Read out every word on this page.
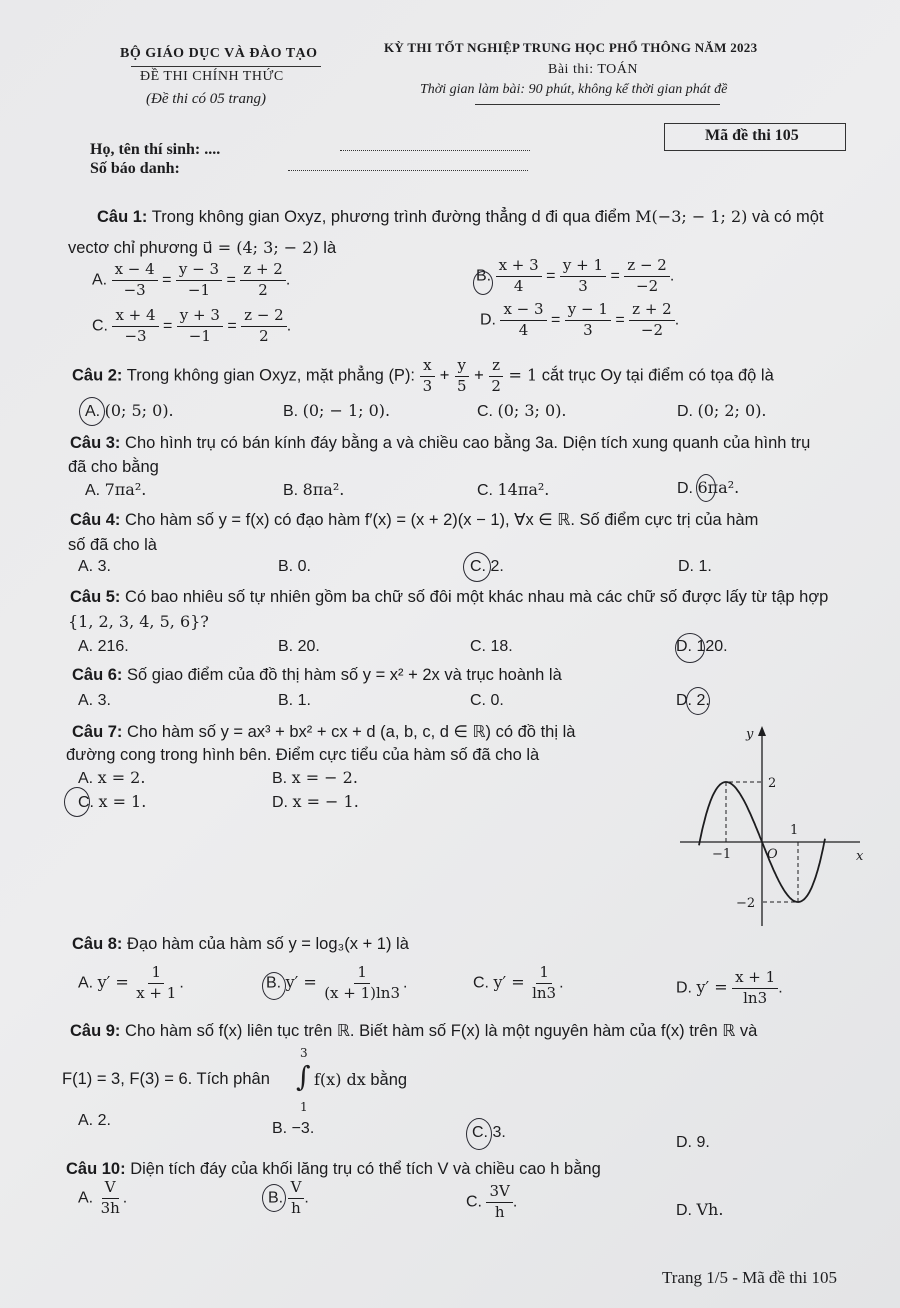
BỘ GIÁO DỤC VÀ ĐÀO TẠO
ĐỀ THI CHÍNH THỨC
(Đề thi có 05 trang)
KỲ THI TỐT NGHIỆP TRUNG HỌC PHỔ THÔNG NĂM 2023
Bài thi: TOÁN
Thời gian làm bài: 90 phút, không kể thời gian phát đề
Họ, tên thí sinh: ....
Số báo danh:
Mã đề thi 105
Câu 1: Trong không gian Oxyz, phương trình đường thẳng d đi qua điểm M(−3; − 1; 2) và có một
vectơ chỉ phương u⃗ = (4; 3; − 2) là
A. $\frac{x - 4}{-3} = \frac{y - 3}{-1} = \frac{z + 2}{2}$ .	B. $\frac{x + 3}{4} = \frac{y + 1}{3} = \frac{z - 2}{-2}$ .
C. $\frac{x + 4}{-3} = \frac{y + 3}{-1} = \frac{z - 2}{2}$ .	D. $\frac{x - 3}{4} = \frac{y - 1}{3} = \frac{z + 2}{-2}$ .
Câu 2: Trong không gian Oxyz, mặt phẳng (P): $\frac{x}{3} + \frac{y}{5} + \frac{z}{2} = 1$ cắt trục Oy tại điểm có tọa độ là
A. (0; 5; 0).	B. (0; − 1; 0).	C. (0; 3; 0).	D. (0; 2; 0).
Câu 3: Cho hình trụ có bán kính đáy bằng a và chiều cao bằng 3a. Diện tích xung quanh của hình trụ
đã cho bằng
A. 7πa².	B. 8πa².	C. 14πa².	D. 6πa².
Câu 4: Cho hàm số y = f(x) có đạo hàm f′(x) = (x + 2)(x − 1), ∀x ∈ ℝ. Số điểm cực trị của hàm
số đã cho là
A. 3.	B. 0.	C. 2.	D. 1.
Câu 5: Có bao nhiêu số tự nhiên gồm ba chữ số đôi một khác nhau mà các chữ số được lấy từ tập hợp
{1, 2, 3, 4, 5, 6}?
A. 216.	B. 20.	C. 18.	D. 120.
Câu 6: Số giao điểm của đồ thị hàm số y = x² + 2x và trục hoành là
A. 3.	B. 1.	C. 0.	D. 2.
Câu 7: Cho hàm số y = ax³ + bx² + cx + d (a, b, c, d ∈ ℝ) có đồ thị là
đường cong trong hình bên. Điểm cực tiểu của hàm số đã cho là
A. x = 2.	B. x = − 2.
C. x = 1.	D. x = − 1.
y
x
O
2
1
−1
−2
Câu 8: Đạo hàm của hàm số y = log₃(x + 1) là
A. $y' = \frac{1}{x + 1}$ .	B. $y' = \frac{1}{(x + 1)\ln 3}$ .	C. $y' = \frac{1}{\ln 3}$ .	D. $y' = \frac{x + 1}{\ln 3}$ .
Câu 9: Cho hàm số f(x) liên tục trên ℝ. Biết hàm số F(x) là một nguyên hàm của f(x) trên ℝ và
F(1) = 3, F(3) = 6. Tích phân
3
∫
1
f(x) dx bằng
A. 2.	B. −3.	C. 3.
D. 9.
Câu 10: Diện tích đáy của khối lăng trụ có thể tích V và chiều cao h bằng
A. $\frac{V}{3h}$ .	B. $\frac{V}{h}$ .	C. $\frac{3V}{h}$ .
D. Vh.
Trang 1/5 - Mã đề thi 105
